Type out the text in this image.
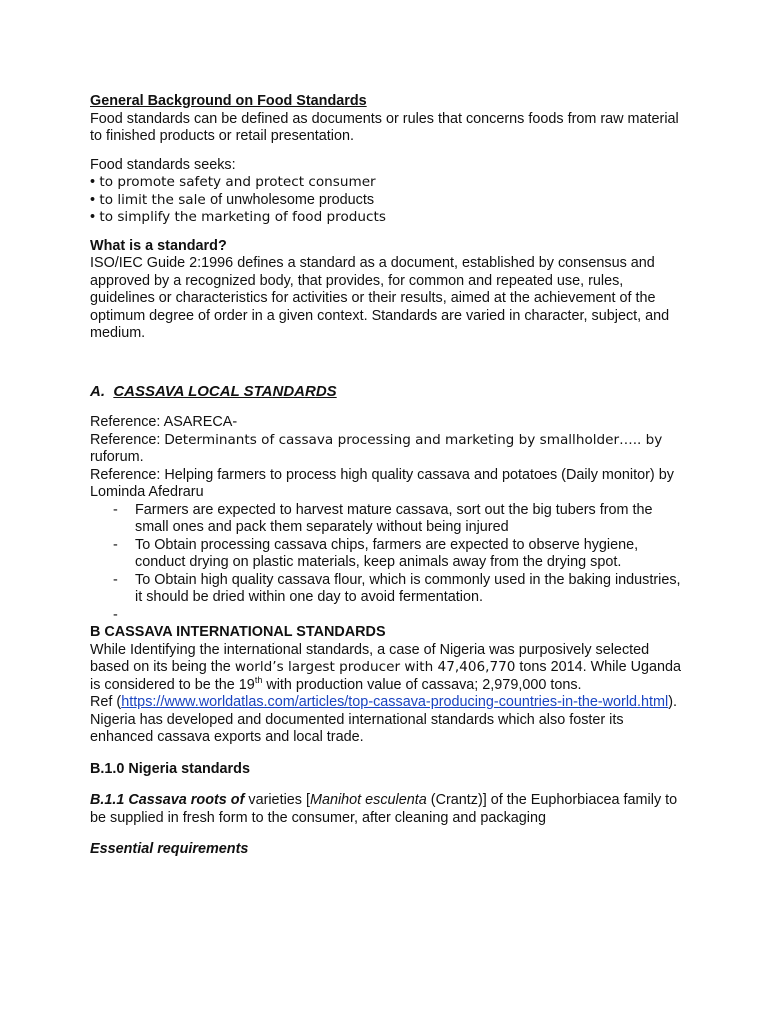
General Background on Food Standards

Food standards can be defined as documents or rules that concerns foods from raw material to finished products or retail presentation.

Food standards seeks:

• to promote safety and protect consumer
• to limit the sale of unwholesome products
• to simplify the marketing of food products

What is a standard?

ISO/IEC Guide 2:1996 defines a standard as a document, established by consensus and approved by a recognized body, that provides, for common and repeated use, rules, guidelines or characteristics for activities or their results, aimed at the achievement of the optimum degree of order in a given context. Standards are varied in character, subject, and medium.

A. CASSAVA LOCAL STANDARDS

Reference: ASARECA-

Reference: Determinants of cassava processing and marketing by smallholder….. by
ruforum.

Reference: Helping farmers to process high quality cassava and potatoes (Daily monitor) by Lominda Afedraru

- Farmers are expected to harvest mature cassava, sort out the big tubers from the small ones and pack them separately without being injured
- To Obtain processing cassava chips, farmers are expected to observe hygiene, conduct drying on plastic materials, keep animals away from the drying spot.
- To Obtain high quality cassava flour, which is commonly used in the baking industries, it should be dried within one day to avoid fermentation.
-

B CASSAVA INTERNATIONAL STANDARDS

While Identifying the international standards, a case of Nigeria was purposively selected based on its being the world’s largest producer with 47,406,770 tons 2014. While Uganda is considered to be the 19th with production value of cassava; 2,979,000 tons.
Ref (https://www.worldatlas.com/articles/top-cassava-producing-countries-in-the-world.html). Nigeria has developed and documented international standards which also foster its enhanced cassava exports and local trade.

B.1.0 Nigeria standards

B.1.1 Cassava roots of varieties [Manihot esculenta (Crantz)] of the Euphorbiacea family to be supplied in fresh form to the consumer, after cleaning and packaging

Essential requirements
